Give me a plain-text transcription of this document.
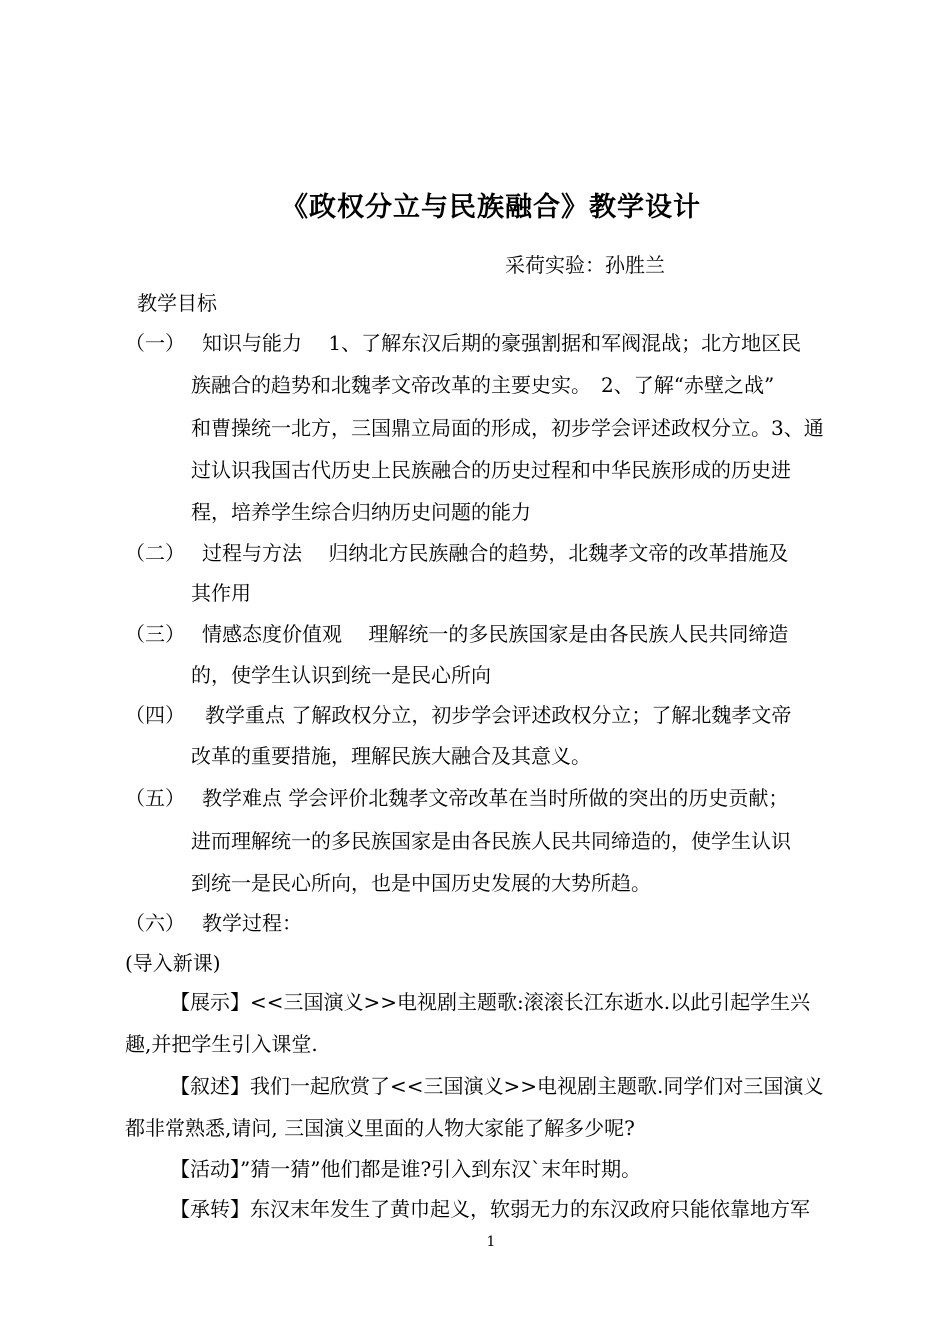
《政权分立与民族融合》教学设计
采荷实验：孙胜兰
教学目标
（一） 知识与能力　 1、了解东汉后期的豪强割据和军阀混战；北方地区民
族融合的趋势和北魏孝文帝改革的主要史实。　2、了解“赤壁之战”
和曹操统一北方，三国鼎立局面的形成，初步学会评述政权分立。3、通
过认识我国古代历史上民族融合的历史过程和中华民族形成的历史进
程，培养学生综合归纳历史问题的能力
（二） 过程与方法　 归纳北方民族融合的趋势，北魏孝文帝的改革措施及
其作用
（三） 情感态度价值观　 理解统一的多民族国家是由各民族人民共同缔造
的，使学生认识到统一是民心所向
（四） 教学重点 了解政权分立，初步学会评述政权分立；了解北魏孝文帝
改革的重要措施，理解民族大融合及其意义。
（五） 教学难点 学会评价北魏孝文帝改革在当时所做的突出的历史贡献；
进而理解统一的多民族国家是由各民族人民共同缔造的，使学生认识
到统一是民心所向，也是中国历史发展的大势所趋。
（六） 教学过程：
(导入新课)
【展示】<<三国演义>>电视剧主题歌:滚滚长江东逝水.以此引起学生兴
趣,并把学生引入课堂.
【叙述】我们一起欣赏了<<三国演义>>电视剧主题歌.同学们对三国演义
都非常熟悉,请问, 三国演义里面的人物大家能了解多少呢?
【活动】”猜一猜”他们都是谁?引入到东汉`末年时期。
【承转】东汉末年发生了黄巾起义，软弱无力的东汉政府只能依靠地方军
1
